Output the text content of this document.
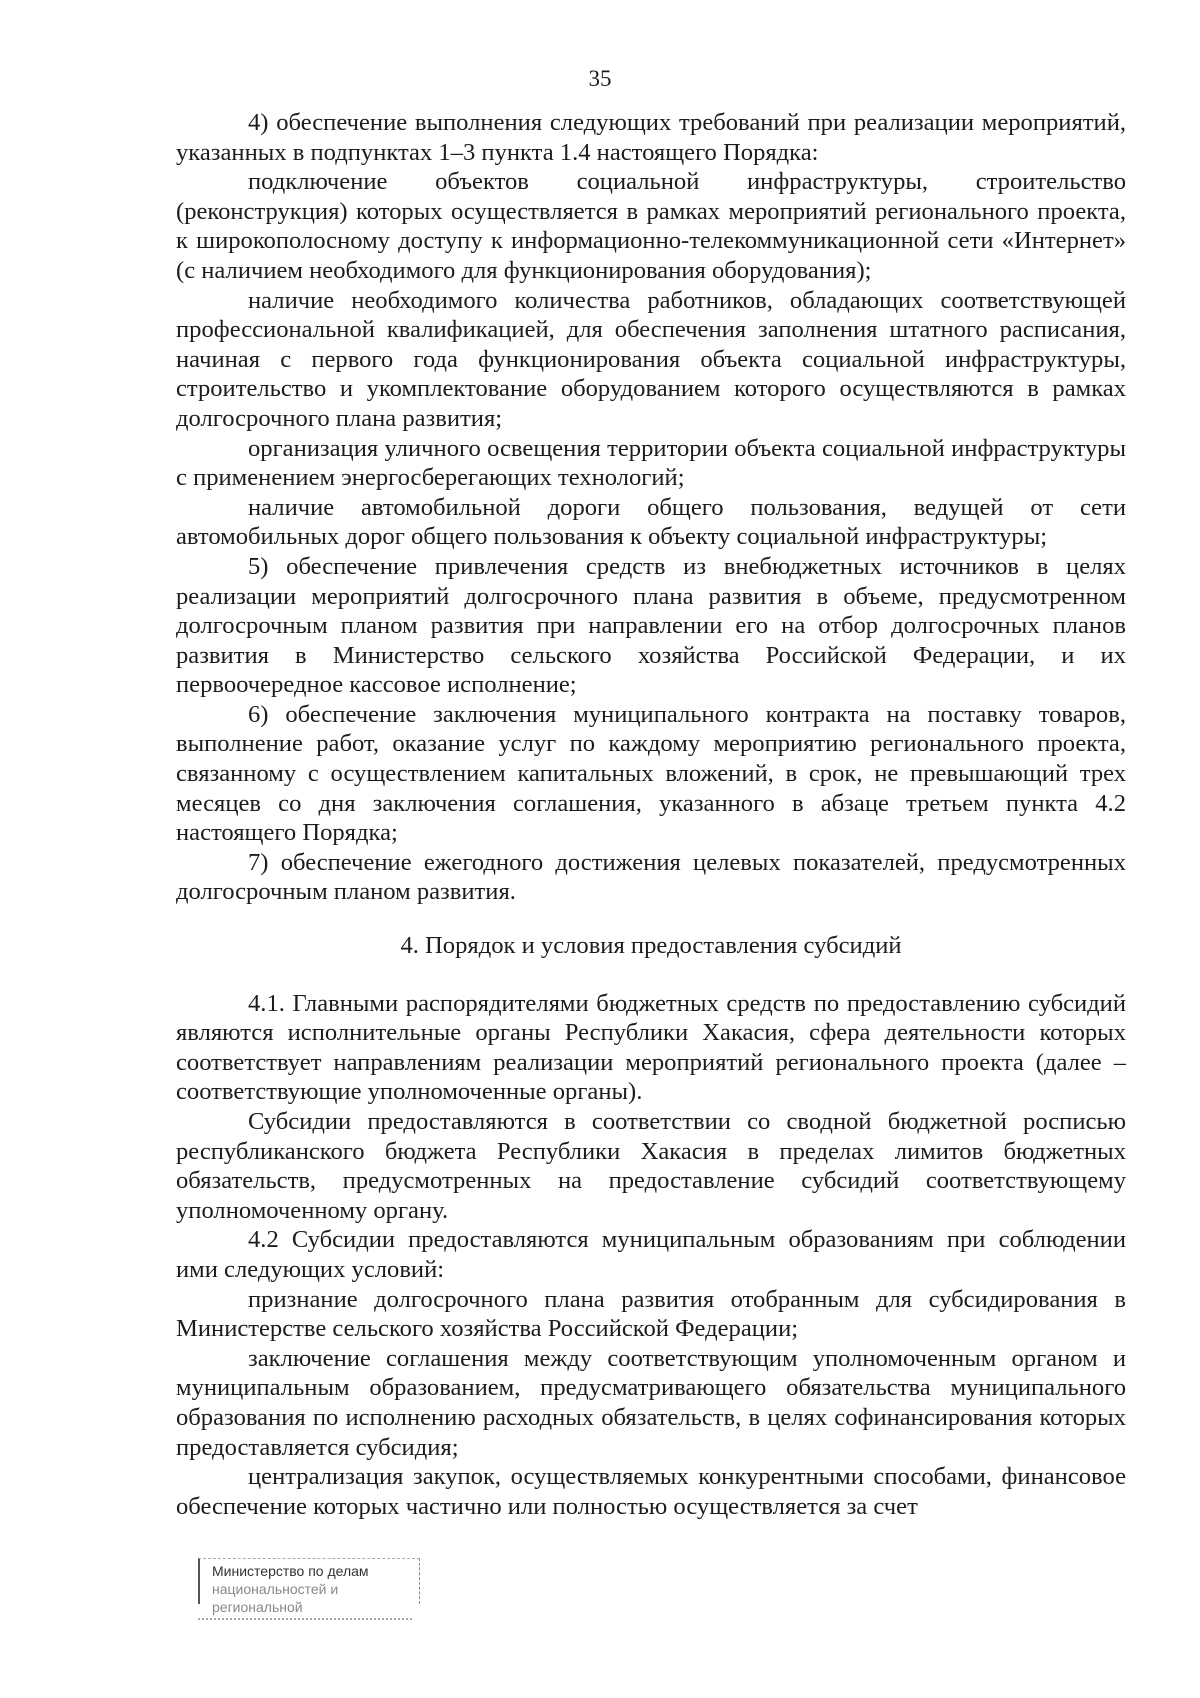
35

4) обеспечение выполнения следующих требований при реализации мероприятий, указанных в подпунктах 1–3 пункта 1.4 настоящего Порядка:

подключение объектов социальной инфраструктуры, строительство (реконструкция) которых осуществляется в рамках мероприятий регионального проекта, к широкополосному доступу к информационно-телекоммуникационной сети «Интернет» (с наличием необходимого для функционирования оборудования);

наличие необходимого количества работников, обладающих соответствующей профессиональной квалификацией, для обеспечения заполнения штатного расписания, начиная с первого года функционирования объекта социальной инфраструктуры, строительство и укомплектование оборудованием которого осуществляются в рамках долгосрочного плана развития;

организация уличного освещения территории объекта социальной инфраструктуры с применением энергосберегающих технологий;

наличие автомобильной дороги общего пользования, ведущей от сети автомобильных дорог общего пользования к объекту социальной инфраструктуры;

5) обеспечение привлечения средств из внебюджетных источников в целях реализации мероприятий долгосрочного плана развития в объеме, предусмотренном долгосрочным планом развития при направлении его на отбор долгосрочных планов развития в Министерство сельского хозяйства Российской Федерации, и их первоочередное кассовое исполнение;

6) обеспечение заключения муниципального контракта на поставку товаров, выполнение работ, оказание услуг по каждому мероприятию регионального проекта, связанному с осуществлением капитальных вложений, в срок, не превышающий трех месяцев со дня заключения соглашения, указанного в абзаце третьем пункта 4.2 настоящего Порядка;

7) обеспечение ежегодного достижения целевых показателей, предусмотренных долгосрочным планом развития.

4. Порядок и условия предоставления субсидий

4.1. Главными распорядителями бюджетных средств по предоставлению субсидий являются исполнительные органы Республики Хакасия, сфера деятельности которых соответствует направлениям реализации мероприятий регионального проекта (далее – соответствующие уполномоченные органы).

Субсидии предоставляются в соответствии со сводной бюджетной росписью республиканского бюджета Республики Хакасия в пределах лимитов бюджетных обязательств, предусмотренных на предоставление субсидий соответствующему уполномоченному органу.

4.2 Субсидии предоставляются муниципальным образованиям при соблюдении ими следующих условий:

признание долгосрочного плана развития отобранным для субсидирования в Министерстве сельского хозяйства Российской Федерации;

заключение соглашения между соответствующим уполномоченным органом и муниципальным образованием, предусматривающего обязательства муниципального образования по исполнению расходных обязательств, в целях софинансирования которых предоставляется субсидия;

централизация закупок, осуществляемых конкурентными способами, финансовое обеспечение которых частично или полностью осуществляется за счет

Министерство по делам
национальностей и региональной
